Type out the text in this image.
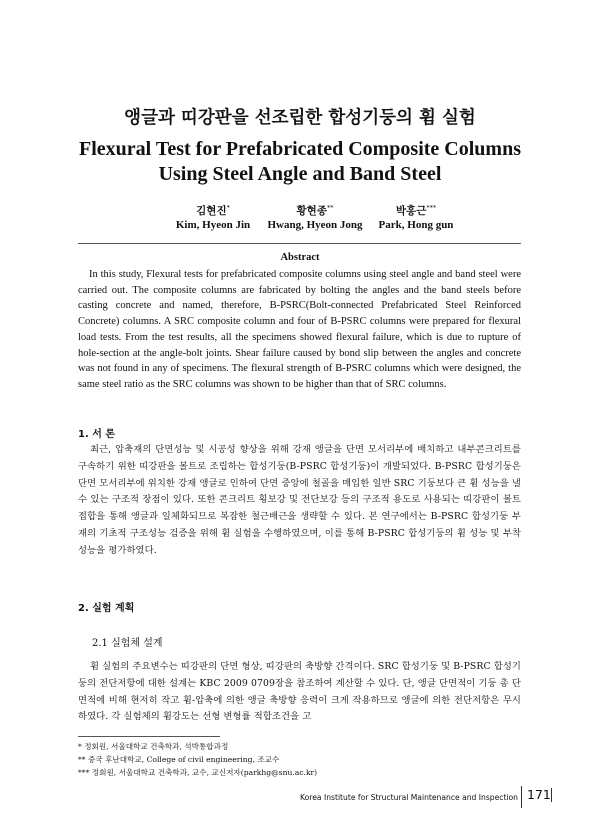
앵글과 띠강판을 선조립한 합성기둥의 휨 실험
Flexural Test for Prefabricated Composite Columns
Using Steel Angle and Band Steel
김현진*
Kim, Hyeon Jin
황현종**
Hwang, Hyeon Jong
박홍근***
Park, Hong gun
Abstract

In this study, Flexural tests for prefabricated composite columns using steel angle and band steel were carried out. The composite columns are fabricated by bolting the angles and the band steels before casting concrete and named, therefore, B-PSRC(Bolt-connected Prefabricated Steel Reinforced Concrete) columns. A SRC composite column and four of B-PSRC columns were prepared for flexural load tests. From the test results, all the specimens showed flexural failure, which is due to rupture of hole-section at the angle-bolt joints. Shear failure caused by bond slip between the angles and concrete was not found in any of specimens. The flexural strength of B-PSRC columns which were designed, the same steel ratio as the SRC columns was shown to be higher than that of SRC columns.

1. 서 론

최근, 압축재의 단면성능 및 시공성 향상을 위해 강재 앵글을 단면 모서리부에 배치하고 내부콘크리트를 구속하기 위한 띠강판을 볼트로 조립하는 합성기둥(B-PSRC 합성기둥)이 개발되었다. B-PSRC 합성기둥은 단면 모서리부에 위치한 강재 앵글로 인하여 단면 중앙에 철골을 매입한 일반 SRC 기둥보다 큰 휨 성능을 낼 수 있는 구조적 장점이 있다. 또한 콘크리트 횡보강 및 전단보강 등의 구조적 용도로 사용되는 띠강판이 볼트접합을 통해 앵글과 일체화되므로 복잡한 철근배근을 생략할 수 있다. 본 연구에서는 B-PSRC 합성기둥 부재의 기초적 구조성능 검증을 위해 휨 실험을 수행하였으며, 이를 통해 B-PSRC 합성기둥의 휨 성능 및 부착성능을 평가하였다.

2. 실험 계획
2.1 실험체 설계

휨 실험의 주요변수는 띠강판의 단면 형상, 띠강판의 축방향 간격이다. SRC 합성기둥 및 B-PSRC 합성기둥의 전단저항에 대한 설계는 KBC 2009 0709장을 참조하여 계산할 수 있다. 단, 앵글 단면적이 기둥 총 단면적에 비해 현저히 작고 휨-압축에 의한 앵글 축방향 응력이 크게 작용하므로 앵글에 의한 전단저항은 무시하였다. 각 실험체의 휨강도는 선형 변형률 적합조건을 고

* 정회원, 서울대학교 건축학과, 석박통합과정
** 중국 후난대학교, College of civil engineering, 조교수
*** 정회원, 서울대학교 건축학과, 교수, 교신저자(parkhg@snu.ac.kr)
Korea Institute for Structural Maintenance and Inspection 171
